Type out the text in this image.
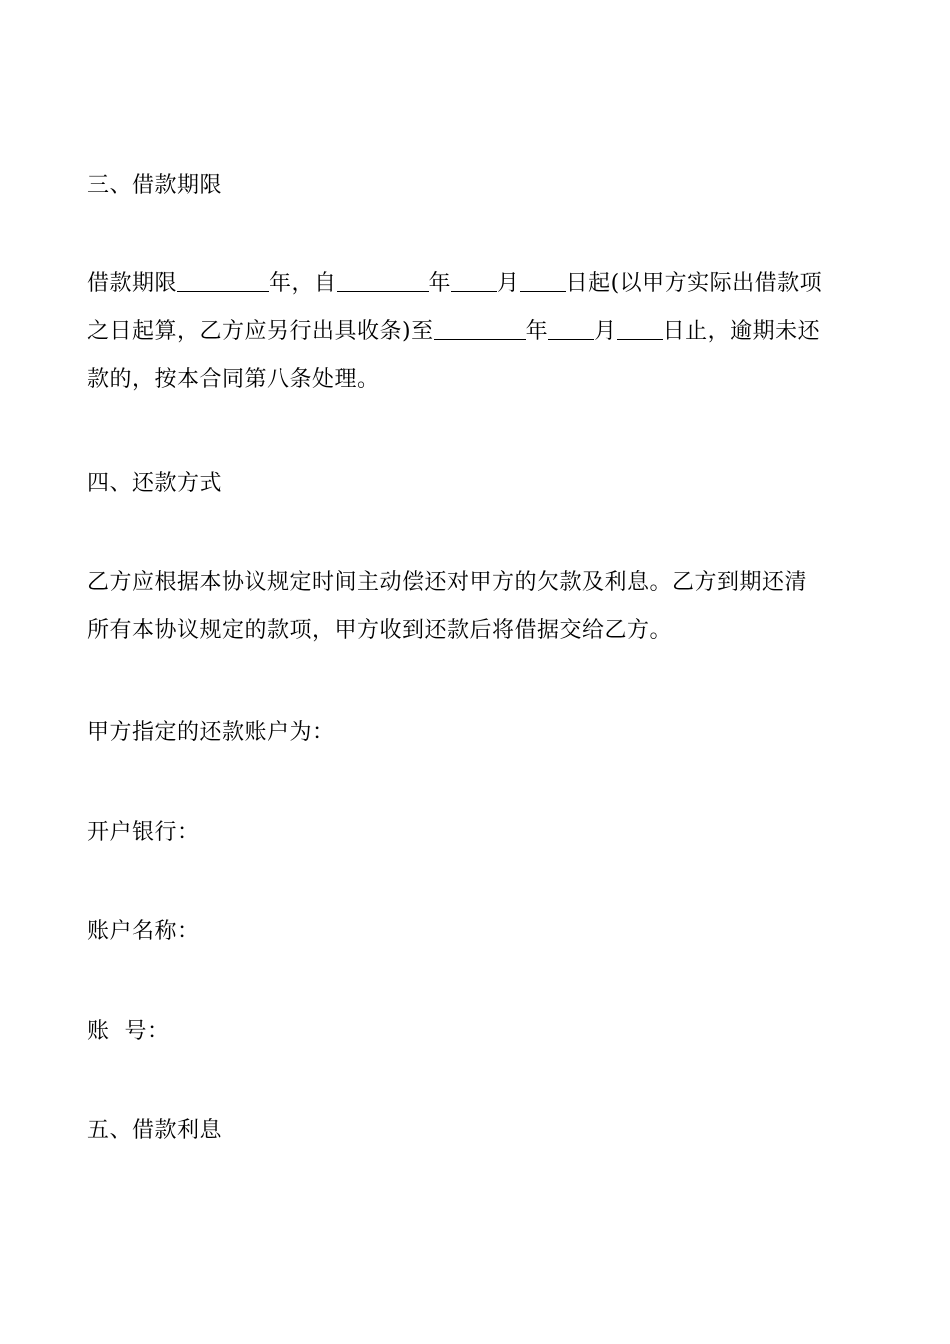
三、借款期限
借款期限	年，自	年 月 日起(以甲方实际出借款项
之日起算，乙方应另行出具收条)至	年 月 日止，逾期未还
款的，按本合同第八条处理。
四、还款方式
乙方应根据本协议规定时间主动偿还对甲方的欠款及利息。乙方到期还清
所有本协议规定的款项，甲方收到还款后将借据交给乙方。
甲方指定的还款账户为：
开户银行：
账户名称：
账  号：
五、借款利息
